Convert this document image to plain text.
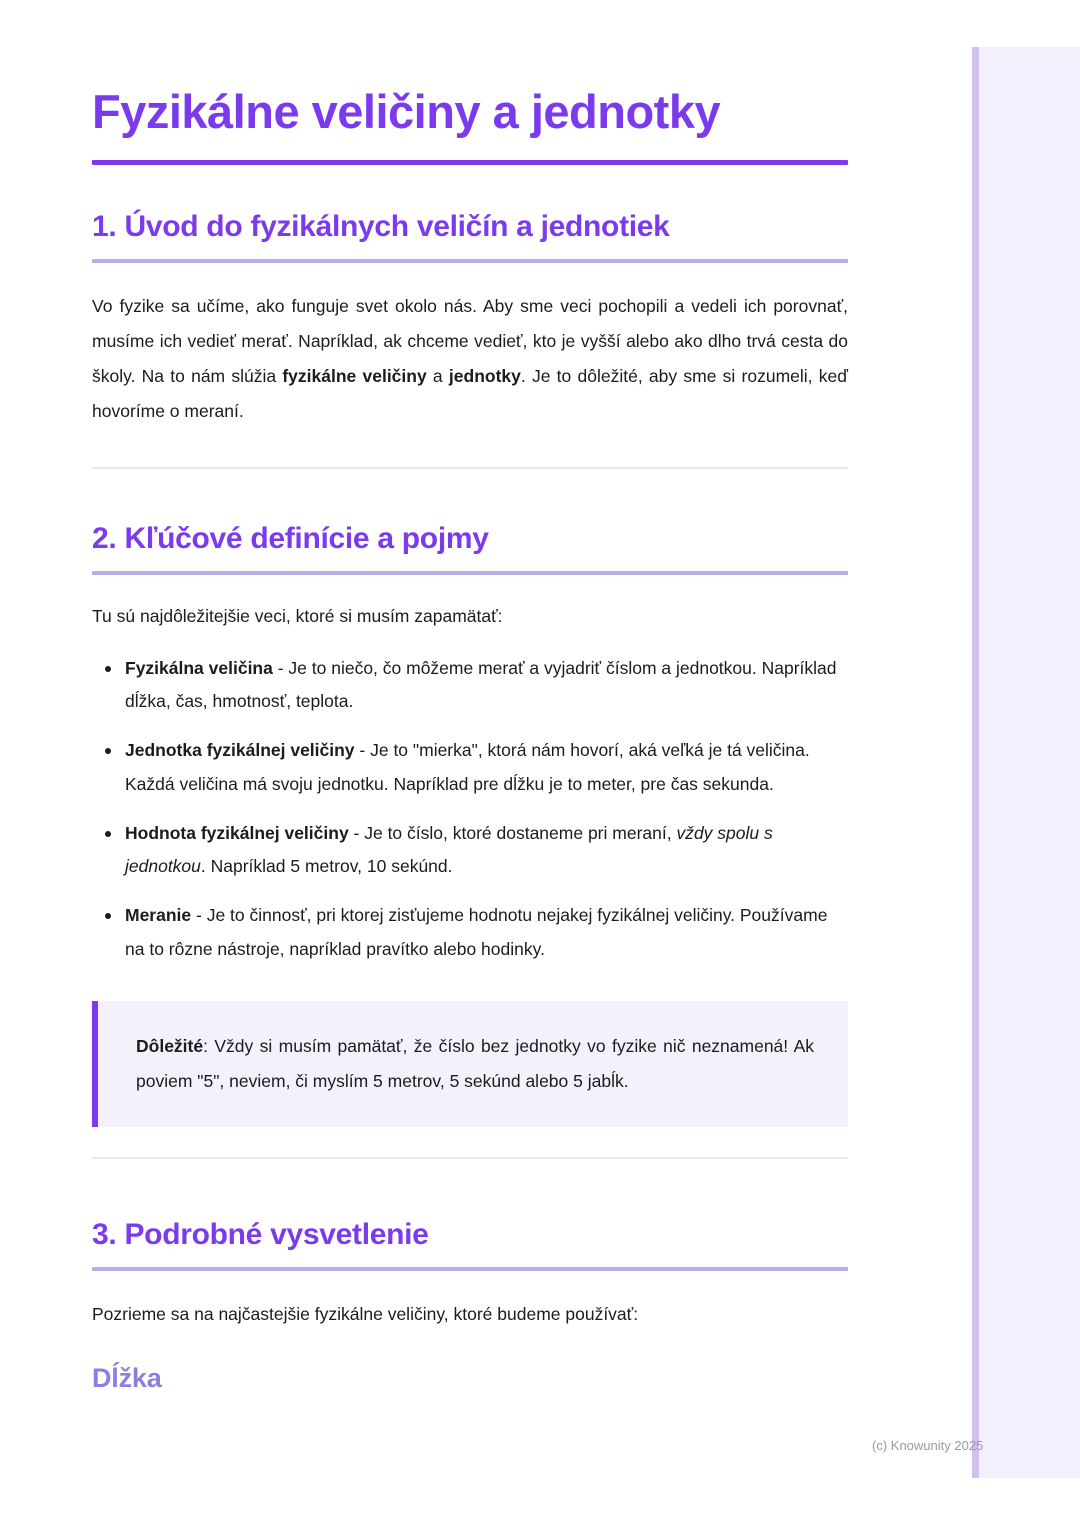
Fyzikálne veličiny a jednotky
1. Úvod do fyzikálnych veličín a jednotiek

Vo fyzike sa učíme, ako funguje svet okolo nás. Aby sme veci pochopili a vedeli ich porovnať, musíme ich vedieť merať. Napríklad, ak chceme vedieť, kto je vyšší alebo ako dlho trvá cesta do školy. Na to nám slúžia fyzikálne veličiny a jednotky. Je to dôležité, aby sme si rozumeli, keď hovoríme o meraní.

2. Kľúčové definície a pojmy

Tu sú najdôležitejšie veci, ktoré si musím zapamätať:

Fyzikálna veličina - Je to niečo, čo môžeme merať a vyjadriť číslom a jednotkou. Napríklad dĺžka, čas, hmotnosť, teplota.
Jednotka fyzikálnej veličiny - Je to "mierka", ktorá nám hovorí, aká veľká je tá veličina. Každá veličina má svoju jednotku. Napríklad pre dĺžku je to meter, pre čas sekunda.
Hodnota fyzikálnej veličiny - Je to číslo, ktoré dostaneme pri meraní, vždy spolu s jednotkou. Napríklad 5 metrov, 10 sekúnd.
Meranie - Je to činnosť, pri ktorej zisťujeme hodnotu nejakej fyzikálnej veličiny. Používame na to rôzne nástroje, napríklad pravítko alebo hodinky.

Dôležité: Vždy si musím pamätať, že číslo bez jednotky vo fyzike nič neznamená! Ak poviem "5", neviem, či myslím 5 metrov, 5 sekúnd alebo 5 jabĺk.

3. Podrobné vysvetlenie

Pozrieme sa na najčastejšie fyzikálne veličiny, ktoré budeme používať:

Dĺžka
(c) Knowunity 2025
